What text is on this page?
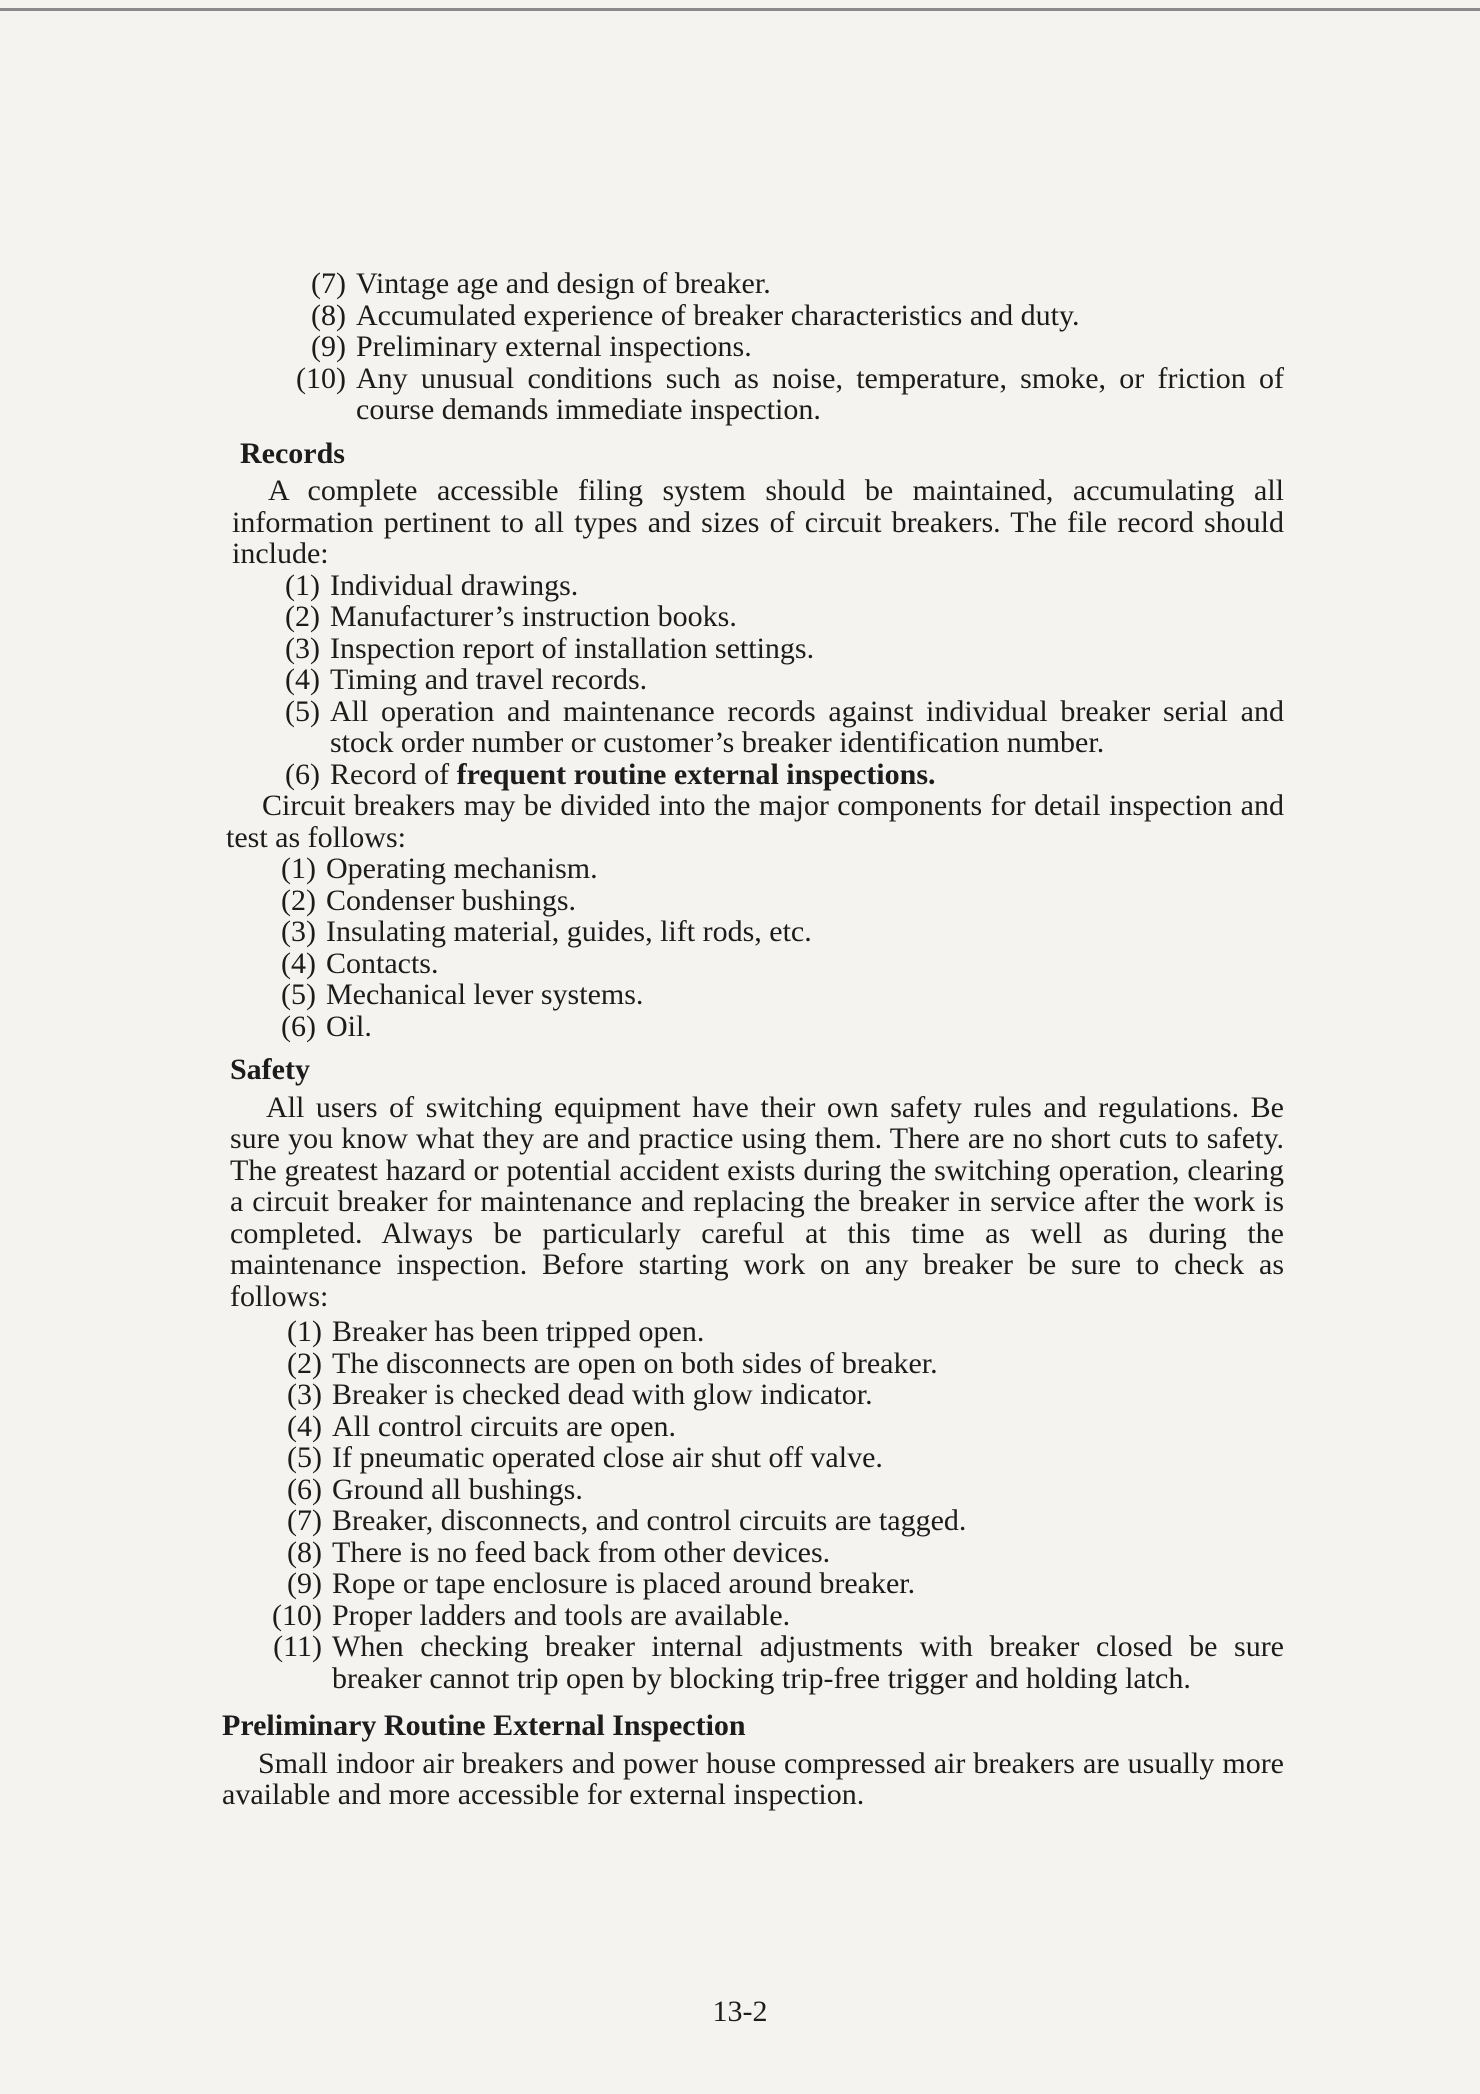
(7) Vintage age and design of breaker.
(8) Accumulated experience of breaker characteristics and duty.
(9) Preliminary external inspections.
(10) Any unusual conditions such as noise, temperature, smoke, or friction of course demands immediate inspection.
Records
A complete accessible filing system should be maintained, accumulating all information pertinent to all types and sizes of circuit breakers. The file record should include:
(1) Individual drawings.
(2) Manufacturer’s instruction books.
(3) Inspection report of installation settings.
(4) Timing and travel records.
(5) All operation and maintenance records against individual breaker serial and stock order number or customer’s breaker identification number.
(6) Record of frequent routine external inspections.
Circuit breakers may be divided into the major components for detail inspection and test as follows:
(1) Operating mechanism.
(2) Condenser bushings.
(3) Insulating material, guides, lift rods, etc.
(4) Contacts.
(5) Mechanical lever systems.
(6) Oil.
Safety
All users of switching equipment have their own safety rules and regulations. Be sure you know what they are and practice using them. There are no short cuts to safety. The greatest hazard or potential accident exists during the switching operation, clearing a circuit breaker for maintenance and replacing the breaker in service after the work is completed. Always be particularly careful at this time as well as during the maintenance inspection. Before starting work on any breaker be sure to check as follows:
(1) Breaker has been tripped open.
(2) The disconnects are open on both sides of breaker.
(3) Breaker is checked dead with glow indicator.
(4) All control circuits are open.
(5) If pneumatic operated close air shut off valve.
(6) Ground all bushings.
(7) Breaker, disconnects, and control circuits are tagged.
(8) There is no feed back from other devices.
(9) Rope or tape enclosure is placed around breaker.
(10) Proper ladders and tools are available.
(11) When checking breaker internal adjustments with breaker closed be sure breaker cannot trip open by blocking trip-free trigger and holding latch.
Preliminary Routine External Inspection
Small indoor air breakers and power house compressed air breakers are usually more available and more accessible for external inspection.
13-2
